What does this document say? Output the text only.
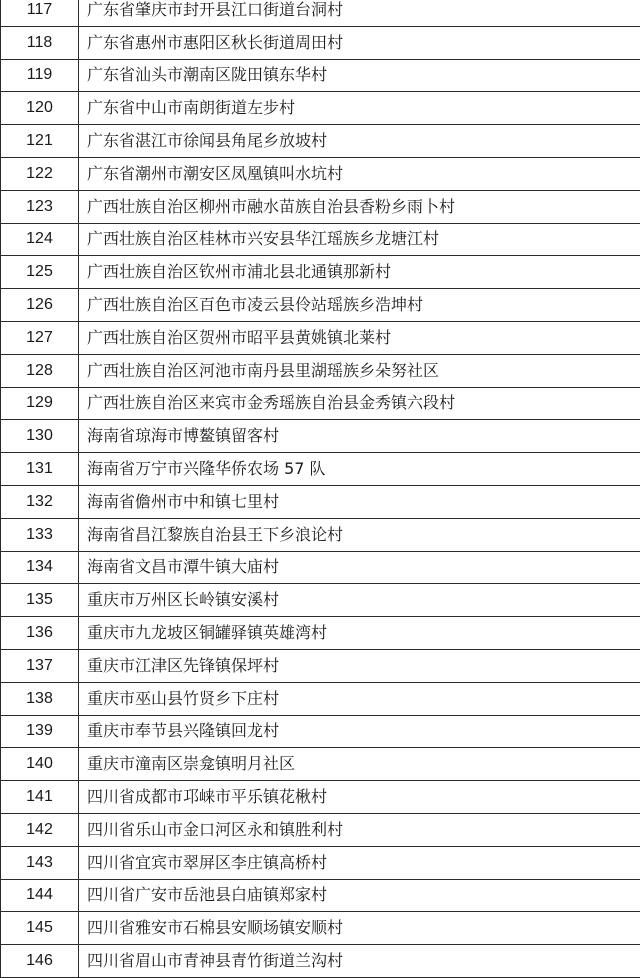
117	广东省肇庆市封开县江口街道台洞村
118	广东省惠州市惠阳区秋长街道周田村
119	广东省汕头市潮南区陇田镇东华村
120	广东省中山市南朗街道左步村
121	广东省湛江市徐闻县角尾乡放坡村
122	广东省潮州市潮安区凤凰镇叫水坑村
123	广西壮族自治区柳州市融水苗族自治县香粉乡雨卜村
124	广西壮族自治区桂林市兴安县华江瑶族乡龙塘江村
125	广西壮族自治区钦州市浦北县北通镇那新村
126	广西壮族自治区百色市凌云县伶站瑶族乡浩坤村
127	广西壮族自治区贺州市昭平县黄姚镇北莱村
128	广西壮族自治区河池市南丹县里湖瑶族乡朵努社区
129	广西壮族自治区来宾市金秀瑶族自治县金秀镇六段村
130	海南省琼海市博鳌镇留客村
131	海南省万宁市兴隆华侨农场 57 队
132	海南省儋州市中和镇七里村
133	海南省昌江黎族自治县王下乡浪论村
134	海南省文昌市潭牛镇大庙村
135	重庆市万州区长岭镇安溪村
136	重庆市九龙坡区铜罐驿镇英雄湾村
137	重庆市江津区先锋镇保坪村
138	重庆市巫山县竹贤乡下庄村
139	重庆市奉节县兴隆镇回龙村
140	重庆市潼南区崇龛镇明月社区
141	四川省成都市邛崃市平乐镇花楸村
142	四川省乐山市金口河区永和镇胜利村
143	四川省宜宾市翠屏区李庄镇高桥村
144	四川省广安市岳池县白庙镇郑家村
145	四川省雅安市石棉县安顺场镇安顺村
146	四川省眉山市青神县青竹街道兰沟村
